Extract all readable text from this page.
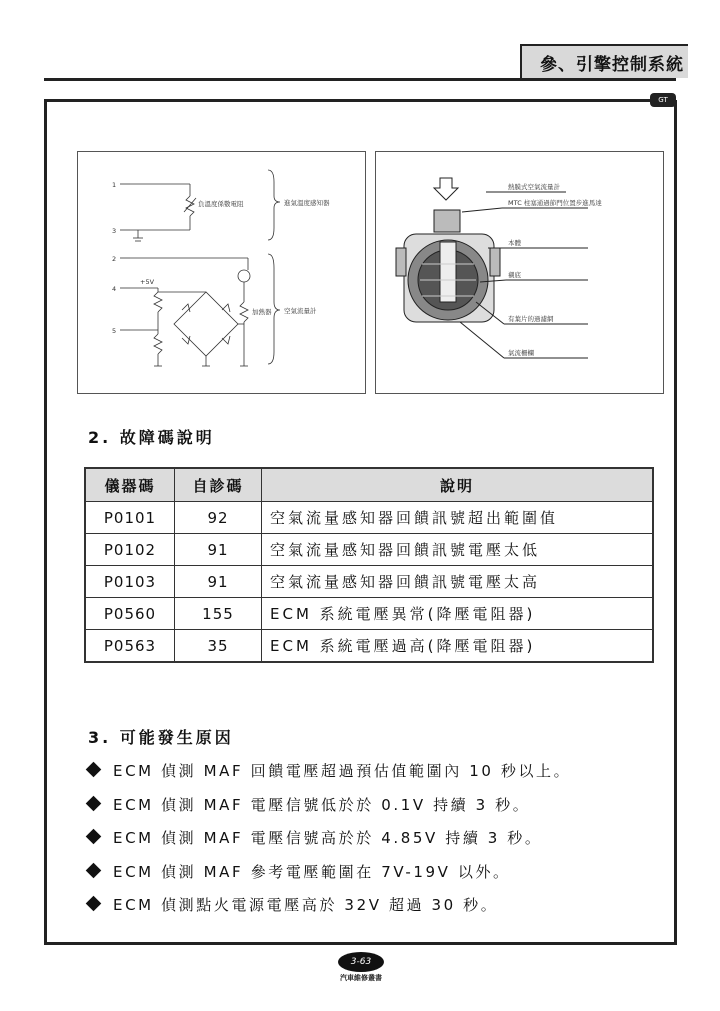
參、引擎控制系統
GT
1
3
2
4
5
負溫度係數電阻	進氣溫度感知器
+5V
加熱器 空氣流量計
熱膜式空氣流量計
MTC 柱塞通過節門位置步進馬達
本體
襯底
有葉片的過濾網
氣流柵欄
2. 故障碼說明
儀器碼	自診碼	說明
P0101	92	空氣流量感知器回饋訊號超出範圍值
P0102	91	空氣流量感知器回饋訊號電壓太低
P0103	91	空氣流量感知器回饋訊號電壓太高
P0560	155	ECM 系統電壓異常(降壓電阻器)
P0563	35	ECM 系統電壓過高(降壓電阻器)
3. 可能發生原因
ECM 偵測 MAF 回饋電壓超過預估值範圍內 10 秒以上。
ECM 偵測 MAF 電壓信號低於於 0.1V 持續 3 秒。
ECM 偵測 MAF 電壓信號高於於 4.85V 持續 3 秒。
ECM 偵測 MAF 參考電壓範圍在 7V-19V 以外。
ECM 偵測點火電源電壓高於 32V 超過 30 秒。
3-63
汽車維修叢書
